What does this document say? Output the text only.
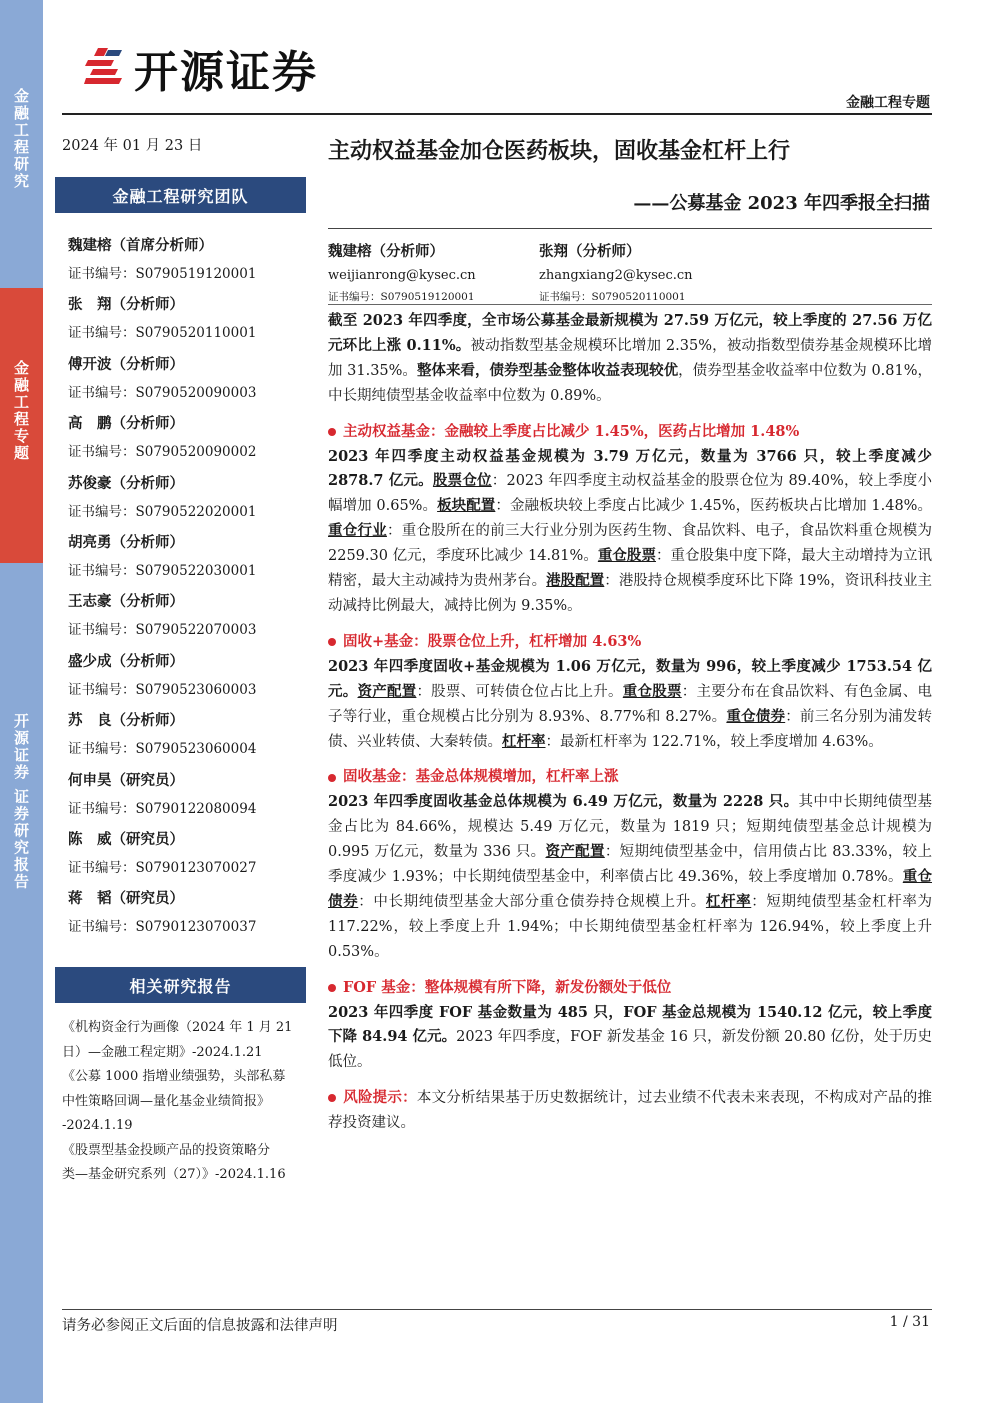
金融工程研究
金融工程专题
开源证券 证券研究报告
开源证券
金融工程专题
2024 年 01 月 23 日
金融工程研究团队
魏建榕（首席分析师）
证书编号：S0790519120001
张　翔（分析师）
证书编号：S0790520110001
傅开波（分析师）
证书编号：S0790520090003
高　鹏（分析师）
证书编号：S0790520090002
苏俊豪（分析师）
证书编号：S0790522020001
胡亮勇（分析师）
证书编号：S0790522030001
王志豪（分析师）
证书编号：S0790522070003
盛少成（分析师）
证书编号：S0790523060003
苏　良（分析师）
证书编号：S0790523060004
何申昊（研究员）
证书编号：S0790122080094
陈　威（研究员）
证书编号：S0790123070027
蒋　韬（研究员）
证书编号：S0790123070037
相关研究报告
《机构资金行为画像（2024 年 1 月 21
日）—金融工程定期》-2024.1.21
《公募 1000 指增业绩强势，头部私募
中性策略回调—量化基金业绩简报》
-2024.1.19
《股票型基金投顾产品的投资策略分
类—基金研究系列（27）》-2024.1.16
主动权益基金加仓医药板块，固收基金杠杆上行
——公募基金 2023 年四季报全扫描
魏建榕（分析师）
weijianrong@kysec.cn
证书编号：S0790519120001
张翔（分析师）
zhangxiang2@kysec.cn
证书编号：S0790520110001

截至 2023 年四季度，全市场公募基金最新规模为 27.59 万亿元，较上季度的 27.56 万亿元环比上涨 0.11%。被动指数型基金规模环比增加 2.35%，被动指数型债券基金规模环比增加 31.35%。整体来看，债券型基金整体收益表现较优，债券型基金收益率中位数为 0.81%，中长期纯债型基金收益率中位数为 0.89%。

主动权益基金：金融较上季度占比减少 1.45%，医药占比增加 1.48%

2023 年四季度主动权益基金规模为 3.79 万亿元，数量为 3766 只，较上季度减少 2878.7 亿元。股票仓位：2023 年四季度主动权益基金的股票仓位为 89.40%，较上季度小幅增加 0.65%。板块配置：金融板块较上季度占比减少 1.45%，医药板块占比增加 1.48%。重仓行业：重仓股所在的前三大行业分别为医药生物、食品饮料、电子，食品饮料重仓规模为 2259.30 亿元，季度环比减少 14.81%。重仓股票：重仓股集中度下降，最大主动增持为立讯精密，最大主动减持为贵州茅台。港股配置：港股持仓规模季度环比下降 19%，资讯科技业主动减持比例最大，减持比例为 9.35%。

固收+基金：股票仓位上升，杠杆增加 4.63%

2023 年四季度固收+基金规模为 1.06 万亿元，数量为 996，较上季度减少 1753.54 亿元。资产配置：股票、可转债仓位占比上升。重仓股票：主要分布在食品饮料、有色金属、电子等行业，重仓规模占比分别为 8.93%、8.77%和 8.27%。重仓债券：前三名分别为浦发转债、兴业转债、大秦转债。杠杆率：最新杠杆率为 122.71%，较上季度增加 4.63%。

固收基金：基金总体规模增加，杠杆率上涨

2023 年四季度固收基金总体规模为 6.49 万亿元，数量为 2228 只。其中中长期纯债型基金占比为 84.66%，规模达 5.49 万亿元，数量为 1819 只；短期纯债型基金总计规模为 0.995 万亿元，数量为 336 只。资产配置：短期纯债型基金中，信用债占比 83.33%，较上季度减少 1.93%；中长期纯债型基金中，利率债占比 49.36%，较上季度增加 0.78%。重仓债券：中长期纯债型基金大部分重仓债券持仓规模上升。杠杆率：短期纯债型基金杠杆率为 117.22%，较上季度上升 1.94%；中长期纯债型基金杠杆率为 126.94%，较上季度上升 0.53%。

FOF 基金：整体规模有所下降，新发份额处于低位

2023 年四季度 FOF 基金数量为 485 只，FOF 基金总规模为 1540.12 亿元，较上季度下降 84.94 亿元。2023 年四季度，FOF 新发基金 16 只，新发份额 20.80 亿份，处于历史低位。

风险提示：本文分析结果基于历史数据统计，过去业绩不代表未来表现，不构成对产品的推荐投资建议。

请务必参阅正文后面的信息披露和法律声明	1 / 31
